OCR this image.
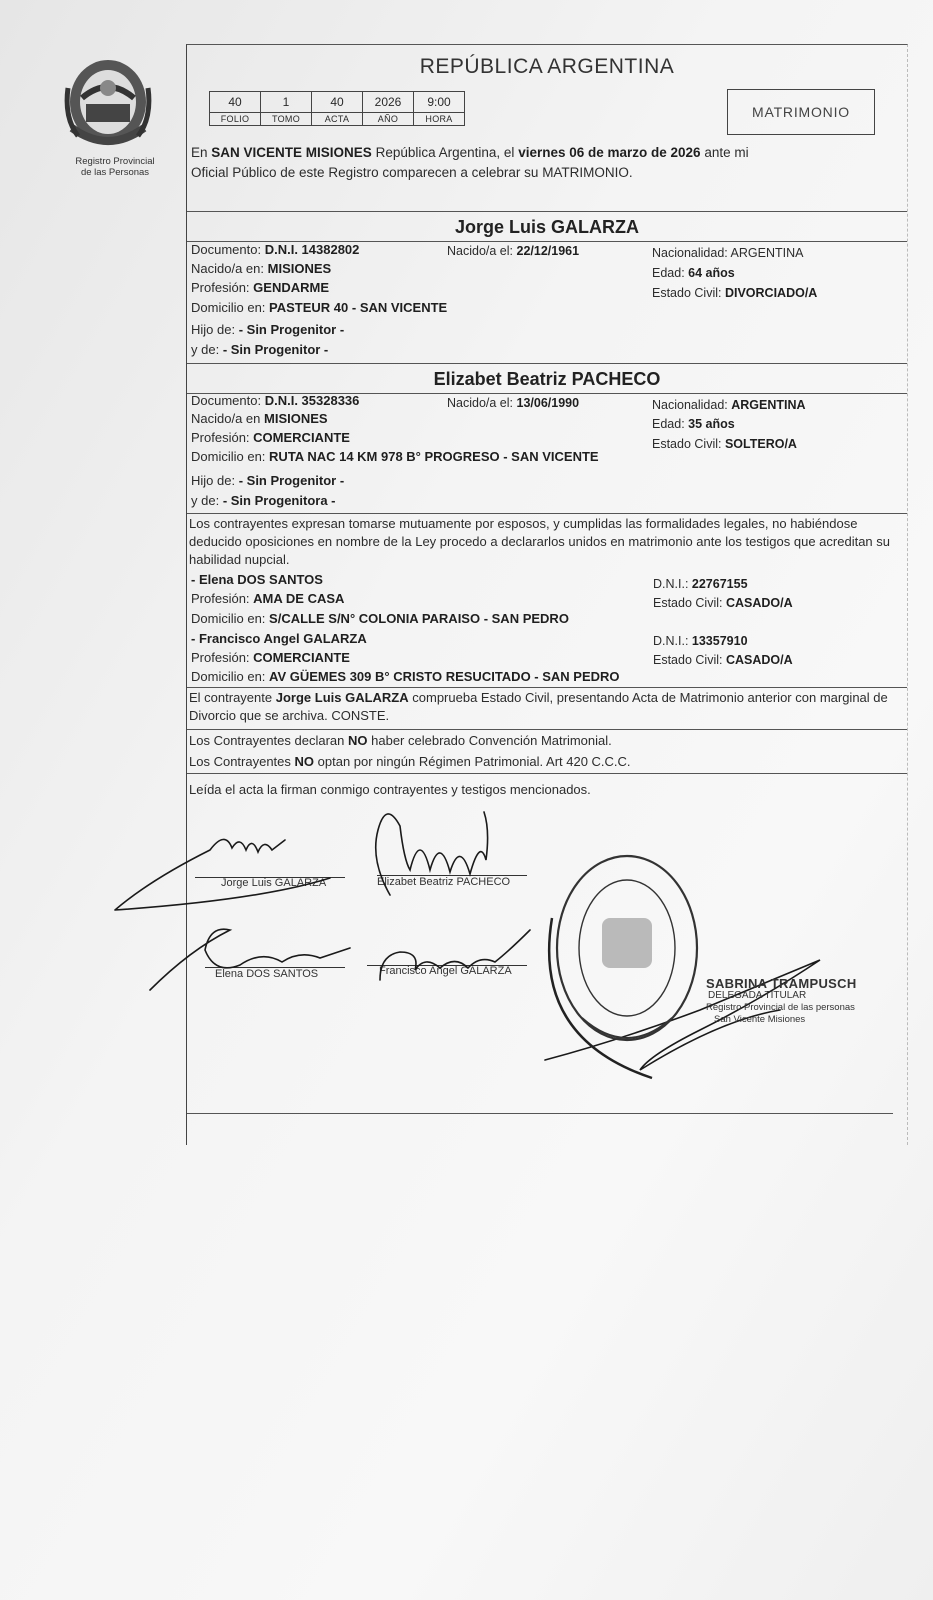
Registro Provincial
de las Personas
REPÚBLICA ARGENTINA
40	1	40	2026	9:00
FOLIO	TOMO	ACTA	AÑO	HORA	MATRIMONIO
En SAN VICENTE MISIONES República Argentina, el viernes 06 de marzo de 2026 ante mi
Oficial Público de este Registro comparecen a celebrar su MATRIMONIO.
Jorge Luis GALARZA
Documento: D.N.I. 14382802	Nacido/a el: 22/12/1961	Nacionalidad: ARGENTINA
Nacido/a en: MISIONES	Edad: 64 años
Profesión: GENDARME	Estado Civil: DIVORCIADO/A
Domicilio en: PASTEUR 40 - SAN VICENTE
Hijo de: - Sin Progenitor -
y de: - Sin Progenitor -
Elizabet Beatriz PACHECO
Documento: D.N.I. 35328336	Nacido/a el: 13/06/1990	Nacionalidad: ARGENTINA
Nacido/a en MISIONES	Edad: 35 años
Profesión: COMERCIANTE	Estado Civil: SOLTERO/A
Domicilio en: RUTA NAC 14 KM 978 B° PROGRESO - SAN VICENTE
Hijo de: - Sin Progenitor -
y de: - Sin Progenitora -
Los contrayentes expresan tomarse mutuamente por esposos, y cumplidas las formalidades legales, no habiéndose deducido oposiciones en nombre de la Ley procedo a declararlos unidos en matrimonio ante los testigos que acreditan su habilidad nupcial.
- Elena DOS SANTOS	D.N.I.: 22767155
Profesión: AMA DE CASA	Estado Civil: CASADO/A
Domicilio en: S/CALLE S/N° COLONIA PARAISO - SAN PEDRO
- Francisco Angel GALARZA	D.N.I.: 13357910
Profesión: COMERCIANTE	Estado Civil: CASADO/A
Domicilio en: AV GÜEMES 309 B° CRISTO RESUCITADO - SAN PEDRO
El contrayente Jorge Luis GALARZA comprueba Estado Civil, presentando Acta de Matrimonio anterior con marginal de Divorcio que se archiva. CONSTE.
Los Contrayentes declaran NO haber celebrado Convención Matrimonial.
Los Contrayentes NO optan por ningún Régimen Patrimonial. Art 420 C.C.C.
Leída el acta la firman conmigo contrayentes y testigos mencionados.
Jorge Luis GALARZA	Elizabet Beatriz PACHECO
Elena DOS SANTOS	Francisco Angel GALARZA
SABRINA TRAMPUSCH
DELEGADA TITULAR
Registro Provincial de las personas
San Vicente Misiones
